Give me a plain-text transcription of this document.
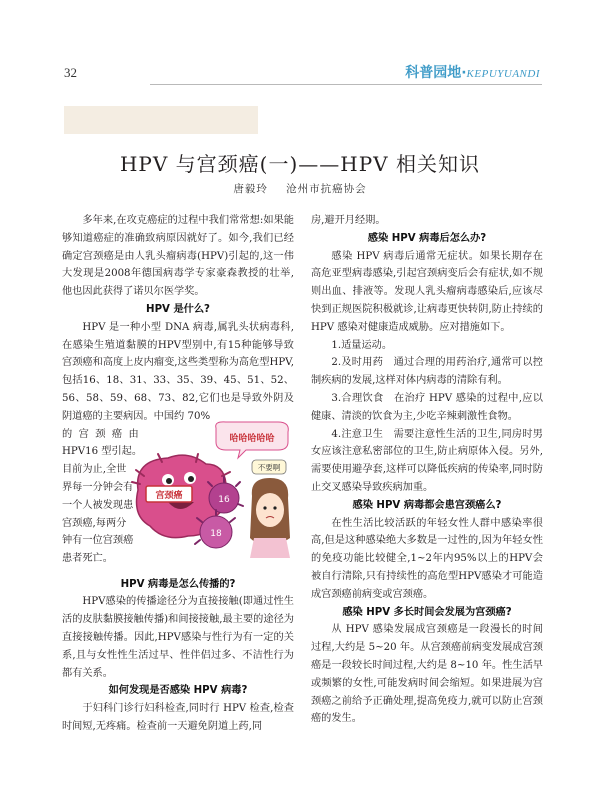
32	科普园地·KEPUYUANDI
HPV 与宫颈癌(一)——HPV 相关知识
唐毅玲 沧州市抗癌协会

多年来,在攻克癌症的过程中我们常常想:如果能够知道癌症的准确致病原因就好了。如今,我们已经确定宫颈癌是由人乳头瘤病毒(HPV)引起的,这一伟大发现是2008年德国病毒学专家豪森教授的壮举,他也因此获得了诺贝尔医学奖。

HPV 是什么?

HPV 是一种小型 DNA 病毒,属乳头状病毒科,在感染生殖道黏膜的HPV型别中,有15种能够导致宫颈癌和高度上皮内瘤变,这些类型称为高危型HPV,包括16、18、31、33、35、39、45、51、52、56、58、59、68、73、82,它们也是导致外阴及阴道癌的主要病因。中国约 70%

的 宫 颈 癌 由
HPV16 型引起。
目前为止,全世
界每一分钟会有
一个人被发现患
宫颈癌,每两分
钟有一位宫颈癌
患者死亡。
哈哈哈哈哈
宫颈癌	16
18
不要啊

HPV 病毒是怎么传播的?

HPV感染的传播途径分为直接接触(即通过性生活的皮肤黏膜接触传播)和间接接触,最主要的途径为直接接触传播。因此,HPV感染与性行为有一定的关系,且与女性性生活过早、性伴侣过多、不洁性行为都有关系。

如何发现是否感染 HPV 病毒?

于妇科门诊行妇科检查,同时行 HPV 检查,检查时间短,无疼痛。检查前一天避免阴道上药,同

房,避开月经期。

感染 HPV 病毒后怎么办?

感染 HPV 病毒后通常无症状。如果长期存在高危亚型病毒感染,引起宫颈病变后会有症状,如不规则出血、排液等。发现人乳头瘤病毒感染后,应该尽快到正规医院积极就诊,让病毒更快转阴,防止持续的 HPV 感染对健康造成威胁。应对措施如下。

1.适量运动。

2.及时用药　通过合理的用药治疗,通常可以控制疾病的发展,这样对体内病毒的清除有利。

3.合理饮食　在治疗 HPV 感染的过程中,应以健康、清淡的饮食为主,少吃辛辣刺激性食物。

4.注意卫生　需要注意性生活的卫生,同房时男女应该注意私密部位的卫生,防止病原体入侵。另外,需要使用避孕套,这样可以降低疾病的传染率,同时防止交叉感染导致疾病加重。

感染 HPV 病毒都会患宫颈癌么?

在性生活比较活跃的年轻女性人群中感染率很高,但是这种感染绝大多数是一过性的,因为年轻女性的免疫功能比较健全,1~2年内95%以上的HPV会被自行清除,只有持续性的高危型HPV感染才可能造成宫颈癌前病变或宫颈癌。

感染 HPV 多长时间会发展为宫颈癌?

从 HPV 感染发展成宫颈癌是一段漫长的时间过程,大约是 5~20 年。从宫颈癌前病变发展成宫颈癌是一段较长时间过程,大约是 8~10 年。性生活早或频繁的女性,可能发病时间会缩短。如果进展为宫颈癌之前给予正确处理,提高免疫力,就可以防止宫颈癌的发生。
